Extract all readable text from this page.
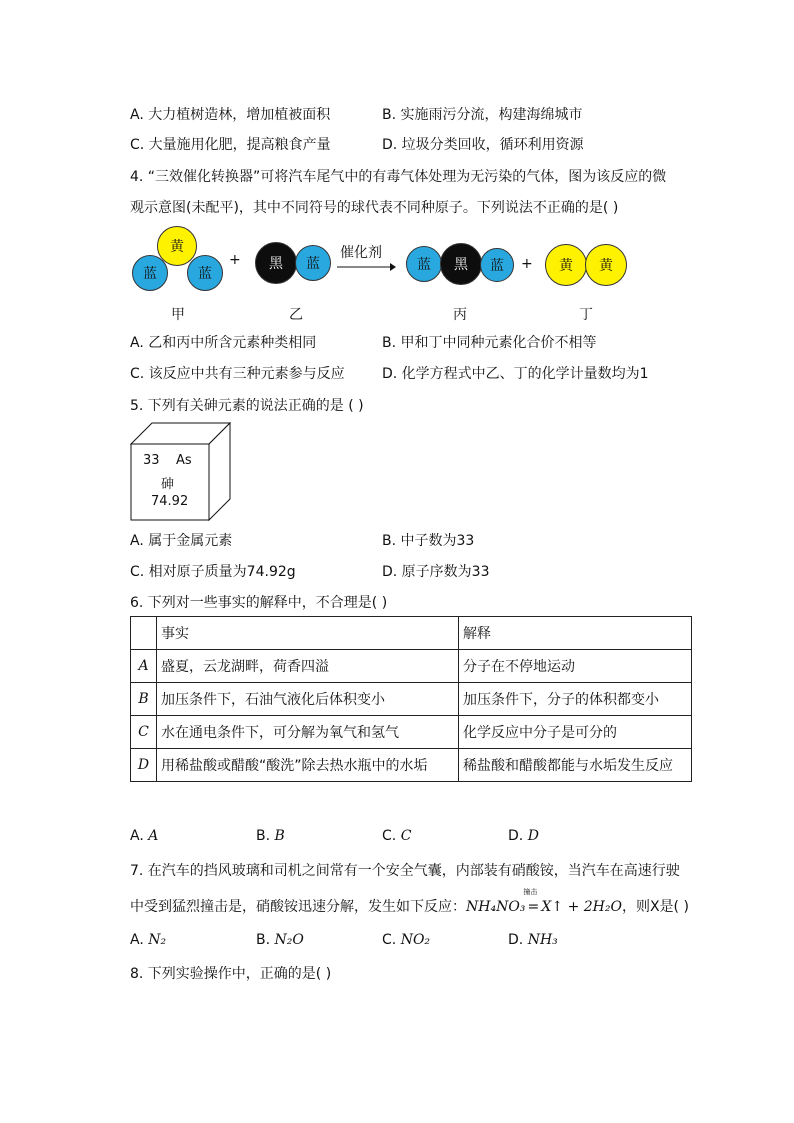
A. 大力植树造林，增加植被面积	B. 实施雨污分流，构建海绵城市
C. 大量施用化肥，提高粮食产量	D. 垃圾分类回收，循环利用资源
4. “三效催化转换器”可将汽车尾气中的有毒气体处理为无污染的气体，图为该反应的微
观示意图(未配平)，其中不同符号的球代表不同种原子。下列说法不正确的是( )
黄
蓝	蓝
+	黑	蓝
催化剂
蓝	黑	蓝	+	黄	黄
甲	乙	丙	丁
A. 乙和丙中所含元素种类相同	B. 甲和丁中同种元素化合价不相等
C. 该反应中共有三种元素参与反应	D. 化学方程式中乙、丁的化学计量数均为1
5. 下列有关砷元素的说法正确的是 ( )
33 As
砷
74.92
A. 属于金属元素	B. 中子数为33
C. 相对原子质量为74.92g	D. 原子序数为33
6. 下列对一些事实的解释中，不合理是( )
	事实	解释
A	盛夏，云龙湖畔，荷香四溢	分子在不停地运动
B	加压条件下，石油气液化后体积变小	加压条件下，分子的体积都变小
C	水在通电条件下，可分解为氧气和氢气	化学反应中分子是可分的
D	用稀盐酸或醋酸“酸洗”除去热水瓶中的水垢	稀盐酸和醋酸都能与水垢发生反应
A. A	B. B	C. C	D. D
7. 在汽车的挡风玻璃和司机之间常有一个安全气囊，内部装有硝酸铵，当汽车在高速行驶
中受到猛烈撞击是，硝酸铵迅速分解，发生如下反应：NH₄NO₃
撞击
= X↑ + 2H₂O，则X是( )
A. N₂	B. N₂O	C. NO₂	D. NH₃
8. 下列实验操作中，正确的是( )
